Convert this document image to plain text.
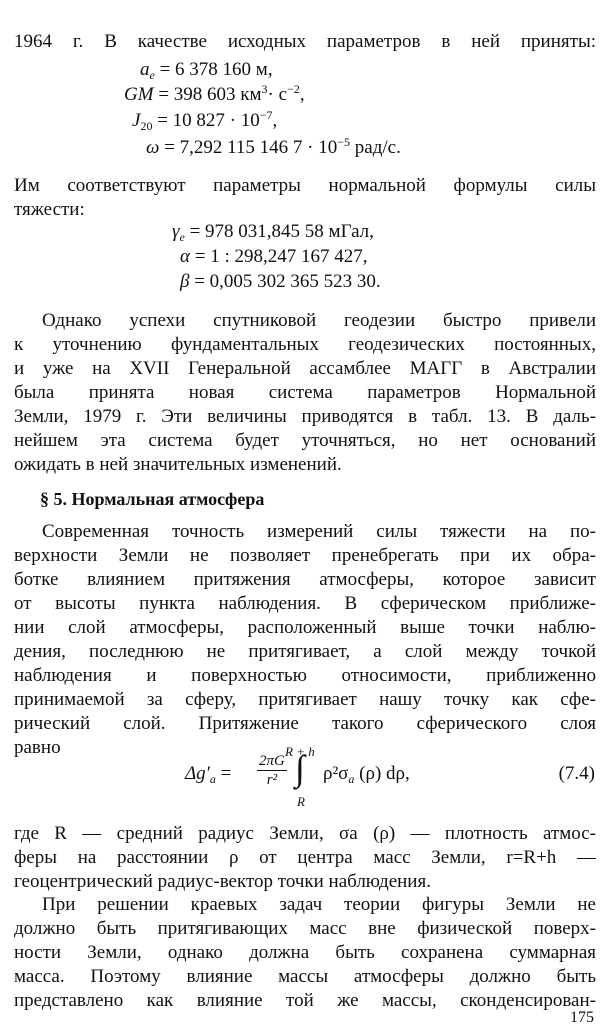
1964 г. В качестве исходных параметров в ней приняты:

$a_e = 6$ 378 160 м,
GM = 398 603 $км^3\cdot c^{-2}$,
$J_{20} = 10$ $827 \cdot 10^{-7}$,
ω = 7,292 115 146 $7 \cdot 10^{-5}$ рад/с.

Им соответствуют параметры нормальной формулы силы
тяжести:

$\gamma_e = 978$ 031,845 58 мГал,
α = 1 : 298,247 167 427,
β = 0,005 302 365 523 30.

Однако успехи спутниковой геодезии быстро привели
к уточнению фундаментальных геодезических постоянных,
и уже на XVII Генеральной ассамблее МАГГ в Австралии
была принята новая система параметров Нормальной
Земли, 1979 г. Эти величины приводятся в табл. 13. В даль-
нейшем эта система будет уточняться, но нет оснований
ожидать в ней значительных изменений.

§ 5. Нормальная атмосфера

Современная точность измерений силы тяжести на по-
верхности Земли не позволяет пренебрегать при их обра-
ботке влиянием притяжения атмосферы, которое зависит
от высоты пункта наблюдения. В сферическом приближе-
нии слой атмосферы, расположенный выше точки наблю-
дения, последнюю не притягивает, а слой между точкой
наблюдения и поверхностью относимости, приближенно
принимаемой за сферу, притягивает нашу точку как сфе-
рический слой. Притяжение такого сферического слоя
равно

$\Delta g'_a = \frac{2\pi G}{\text{r²}}$
R + h
∫
R
$\rho^2\sigma_a$ (ρ) dρ,	(7.4)

где R — средний радиус Земли, σa (ρ) — плотность атмос-
феры на расстоянии ρ от центра масс Земли, r=R+h —
геоцентрический радиус-вектор точки наблюдения.

При решении краевых задач теории фигуры Земли не
должно быть притягивающих масс вне физической поверх-
ности Земли, однако должна быть сохранена суммарная
масса. Поэтому влияние массы атмосферы должно быть
представлено как влияние той же массы, сконденсирован-

175
